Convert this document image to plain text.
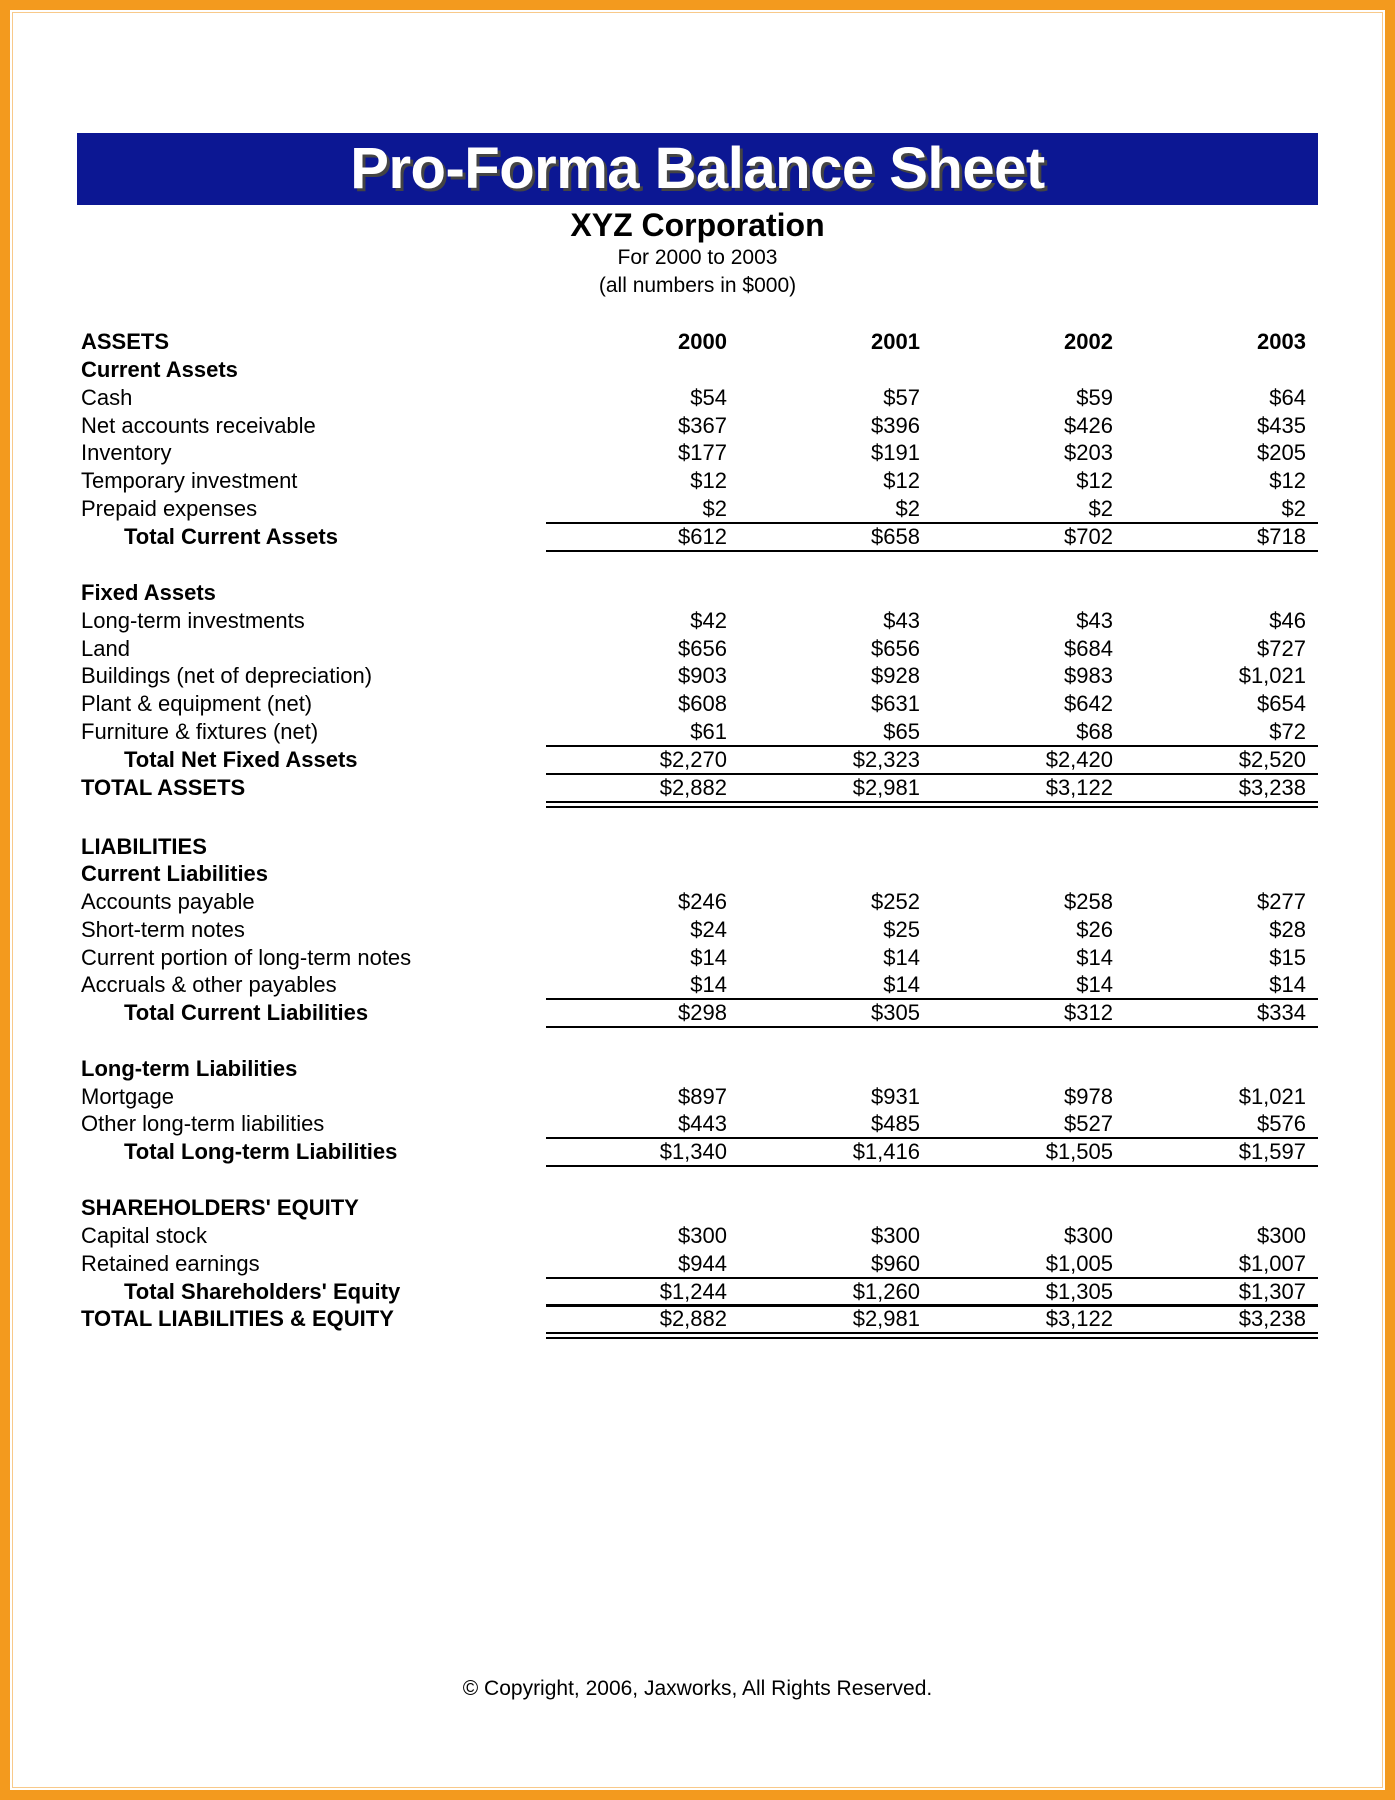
Pro-Forma Balance Sheet
XYZ Corporation
For 2000 to 2003
(all numbers in $000)
ASSETS	2000	2001	2002	2003
Current Assets
Cash	$54	$57	$59	$64
Net accounts receivable	$367	$396	$426	$435
Inventory	$177	$191	$203	$205
Temporary investment	$12	$12	$12	$12
Prepaid expenses	$2	$2	$2	$2
Total Current Assets	$612	$658	$702	$718
Fixed Assets
Long-term investments	$42	$43	$43	$46
Land	$656	$656	$684	$727
Buildings (net of depreciation)	$903	$928	$983	$1,021
Plant & equipment (net)	$608	$631	$642	$654
Furniture & fixtures (net)	$61	$65	$68	$72
Total Net Fixed Assets	$2,270	$2,323	$2,420	$2,520
TOTAL ASSETS	$2,882	$2,981	$3,122	$3,238
LIABILITIES
Current Liabilities
Accounts payable	$246	$252	$258	$277
Short-term notes	$24	$25	$26	$28
Current portion of long-term notes	$14	$14	$14	$15
Accruals & other payables	$14	$14	$14	$14
Total Current Liabilities	$298	$305	$312	$334
Long-term Liabilities
Mortgage	$897	$931	$978	$1,021
Other long-term liabilities	$443	$485	$527	$576
Total Long-term Liabilities	$1,340	$1,416	$1,505	$1,597
SHAREHOLDERS' EQUITY
Capital stock	$300	$300	$300	$300
Retained earnings	$944	$960	$1,005	$1,007
Total Shareholders' Equity	$1,244	$1,260	$1,305	$1,307
TOTAL LIABILITIES & EQUITY	$2,882	$2,981	$3,122	$3,238
© Copyright, 2006, Jaxworks, All Rights Reserved.
